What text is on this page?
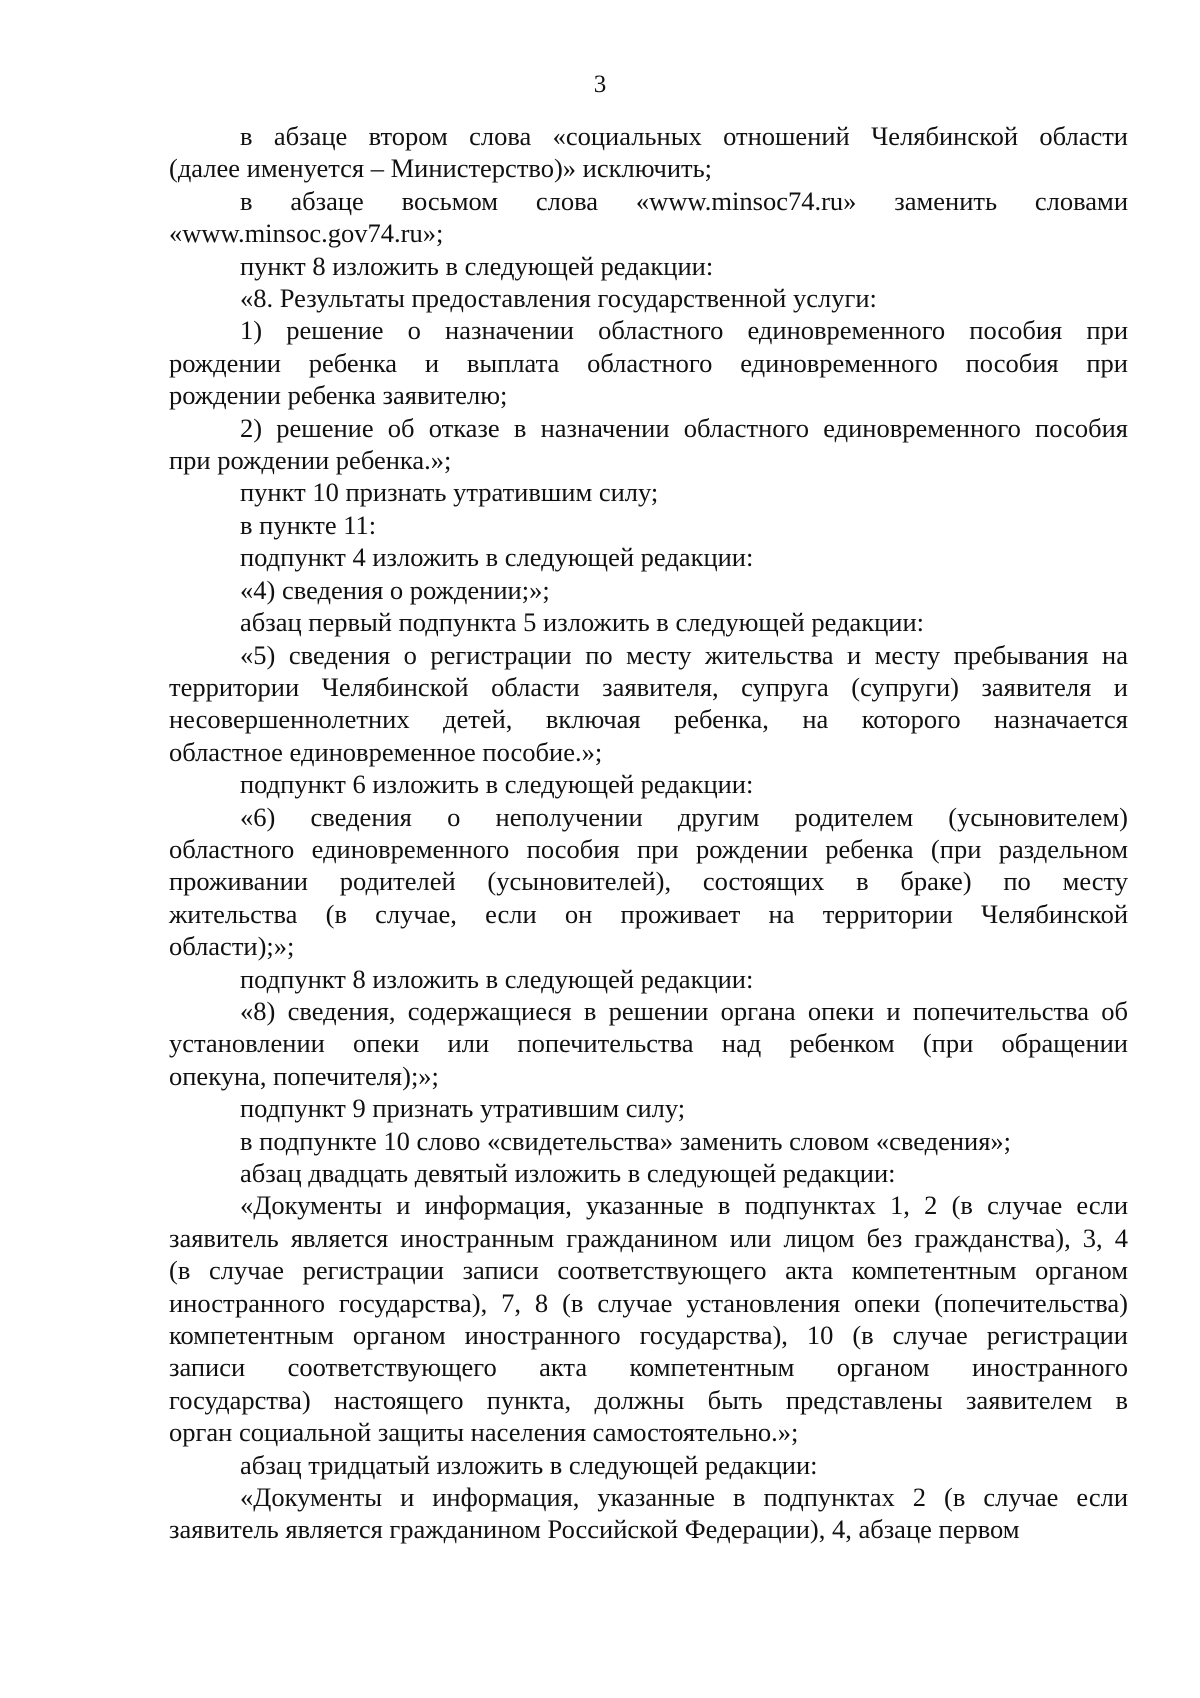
3
в абзаце втором слова «социальных отношений Челябинской области
(далее именуется – Министерство)» исключить;
в абзаце восьмом слова «www.minsoc74.ru» заменить словами
«www.minsoc.gov74.ru»;
пункт 8 изложить в следующей редакции:
«8. Результаты предоставления государственной услуги:
1) решение о назначении областного единовременного пособия при
рождении ребенка и выплата областного единовременного пособия при
рождении ребенка заявителю;
2) решение об отказе в назначении областного единовременного пособия
при рождении ребенка.»;
пункт 10 признать утратившим силу;
в пункте 11:
подпункт 4 изложить в следующей редакции:
«4) сведения о рождении;»;
абзац первый подпункта 5 изложить в следующей редакции:
«5) сведения о регистрации по месту жительства и месту пребывания на
территории Челябинской области заявителя, супруга (супруги) заявителя и
несовершеннолетних детей, включая ребенка, на которого назначается
областное единовременное пособие.»;
подпункт 6 изложить в следующей редакции:
«6) сведения о неполучении другим родителем (усыновителем)
областного единовременного пособия при рождении ребенка (при раздельном
проживании родителей (усыновителей), состоящих в браке) по месту
жительства (в случае, если он проживает на территории Челябинской
области);»;
подпункт 8 изложить в следующей редакции:
«8) сведения, содержащиеся в решении органа опеки и попечительства об
установлении опеки или попечительства над ребенком (при обращении
опекуна, попечителя);»;
подпункт 9 признать утратившим силу;
в подпункте 10 слово «свидетельства» заменить словом «сведения»;
абзац двадцать девятый изложить в следующей редакции:
«Документы и информация, указанные в подпунктах 1, 2 (в случае если
заявитель является иностранным гражданином или лицом без гражданства), 3, 4
(в случае регистрации записи соответствующего акта компетентным органом
иностранного государства), 7, 8 (в случае установления опеки (попечительства)
компетентным органом иностранного государства), 10 (в случае регистрации
записи соответствующего акта компетентным органом иностранного
государства) настоящего пункта, должны быть представлены заявителем в
орган социальной защиты населения самостоятельно.»;
абзац тридцатый изложить в следующей редакции:
«Документы и информация, указанные в подпунктах 2 (в случае если
заявитель является гражданином Российской Федерации), 4, абзаце первом
